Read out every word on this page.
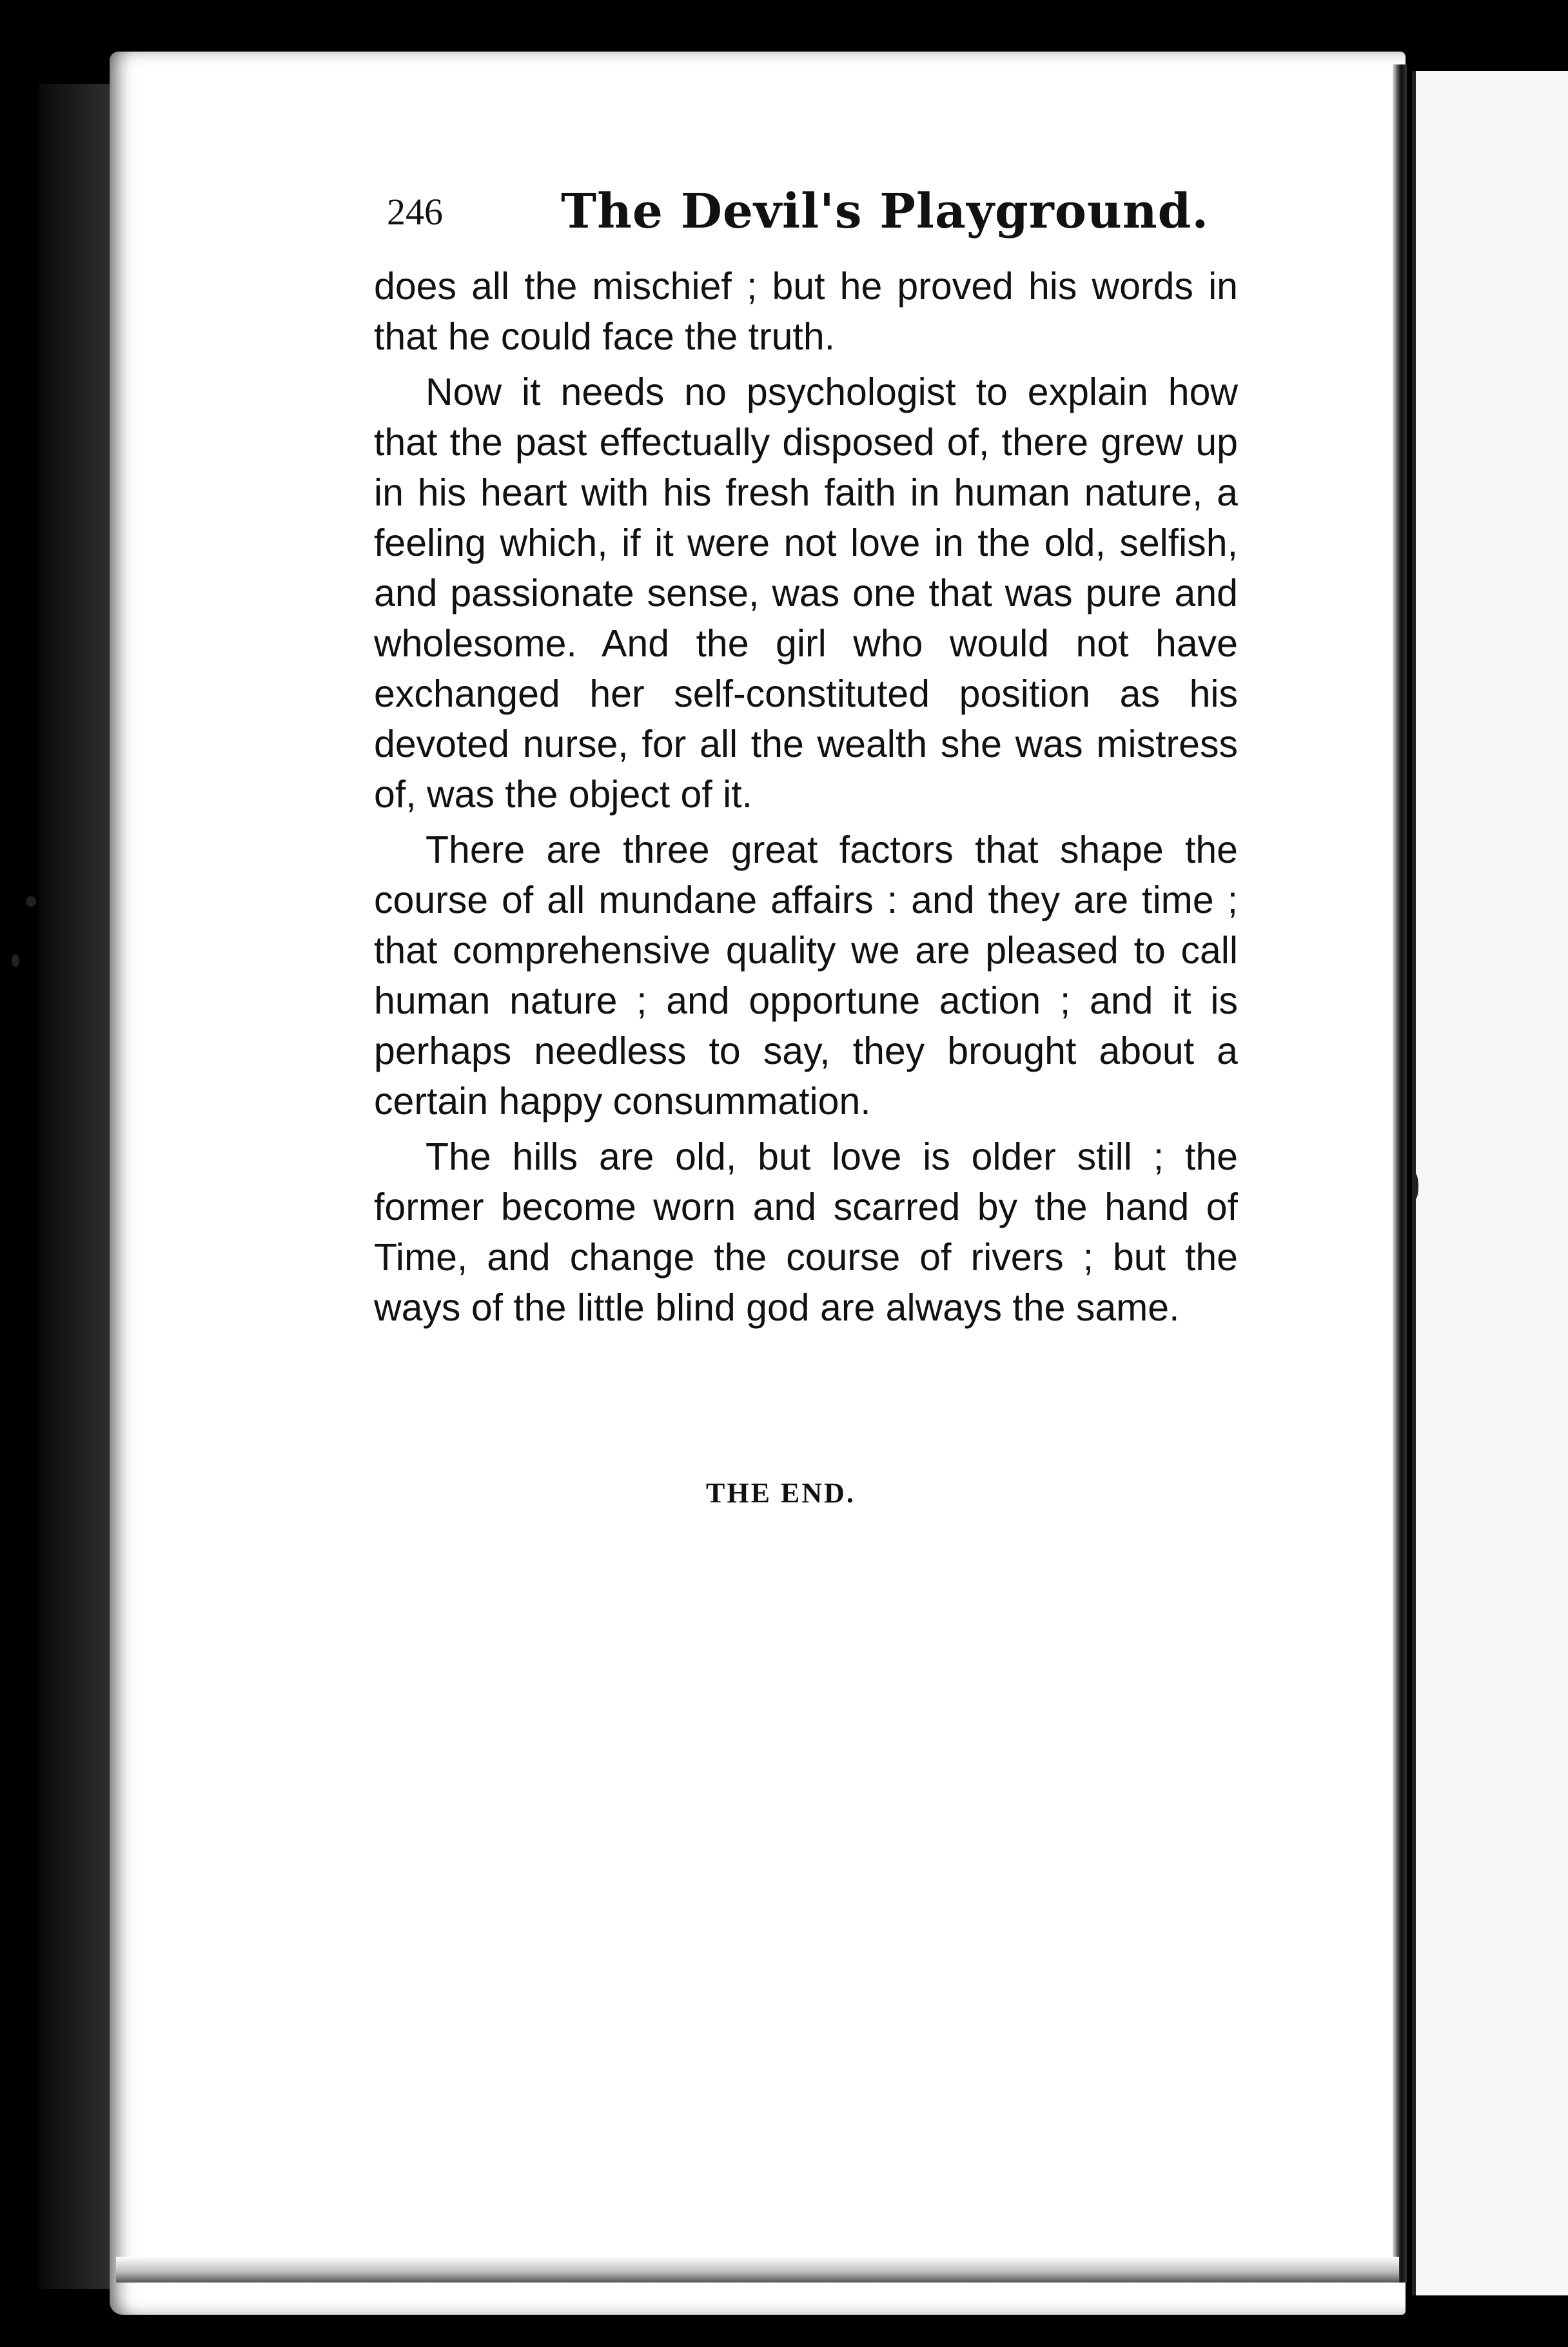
246 The Devil's Playground.

does all the mischief ; but he proved his words in that he could face the truth.

Now it needs no psychologist to explain how that the past effectually disposed of, there grew up in his heart with his fresh faith in human nature, a feeling which, if it were not love in the old, selfish, and passionate sense, was one that was pure and wholesome. And the girl who would not have exchanged her self-constituted position as his devoted nurse, for all the wealth she was mistress of, was the object of it.

There are three great factors that shape the course of all mundane affairs : and they are time ; that comprehensive quality we are pleased to call human nature ; and opportune action ; and it is perhaps needless to say, they brought about a certain happy consummation.

The hills are old, but love is older still ; the former become worn and scarred by the hand of Time, and change the course of rivers ; but the ways of the little blind god are always the same.

THE END.
